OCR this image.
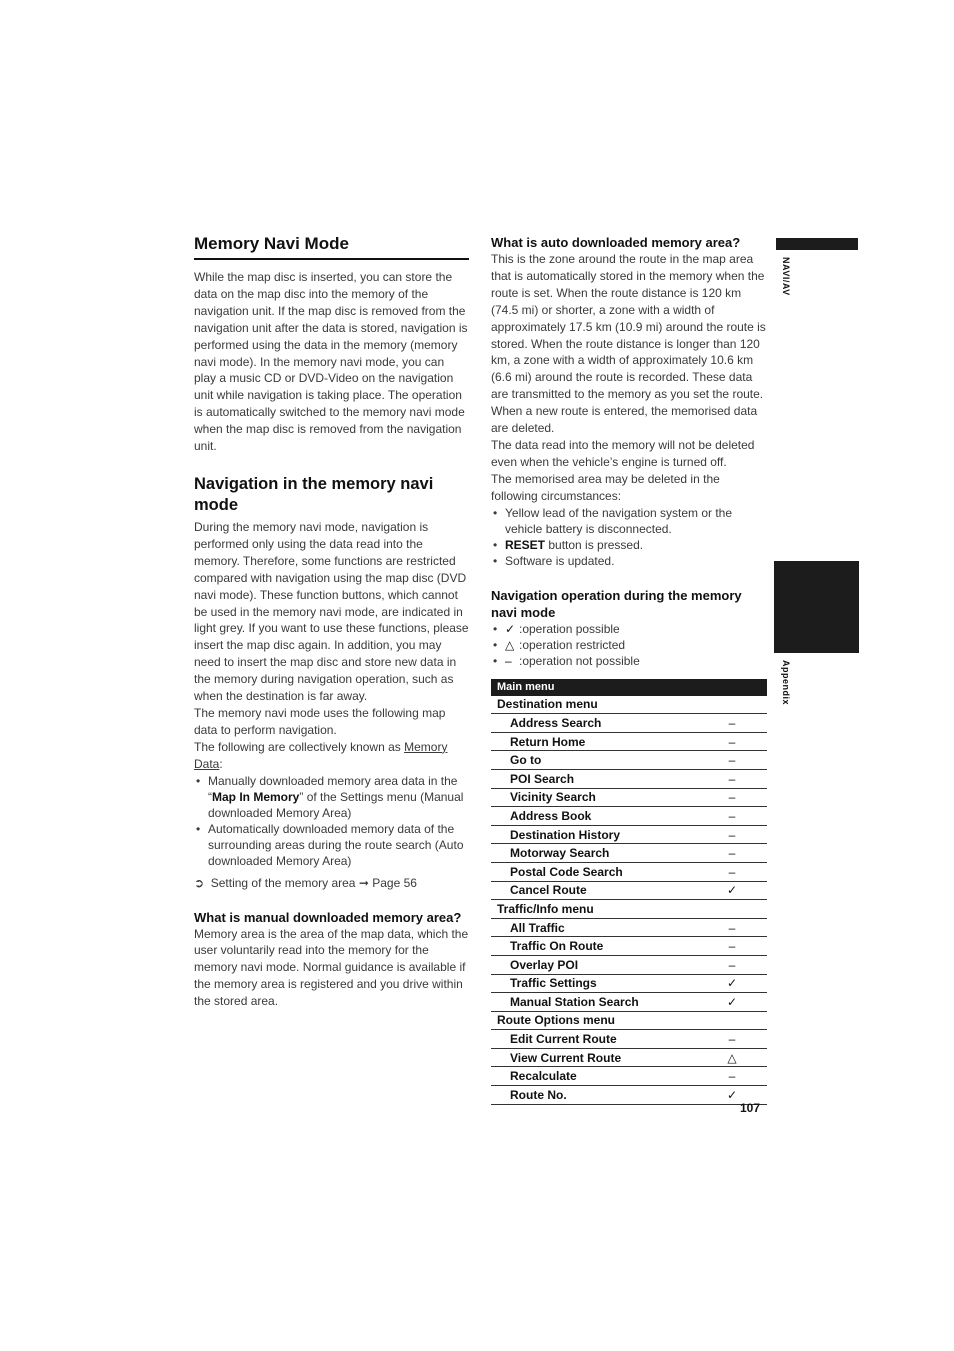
NAVI/AV
Appendix
Memory Navi Mode

While the map disc is inserted, you can store the data on the map disc into the memory of the navigation unit. If the map disc is removed from the navigation unit after the data is stored, navigation is performed using the data in the memory (memory navi mode). In the memory navi mode, you can play a music CD or DVD-Video on the navigation unit while navigation is taking place. The operation is automatically switched to the memory navi mode when the map disc is removed from the navigation unit.

Navigation in the memory navi mode

During the memory navi mode, navigation is performed only using the data read into the memory. Therefore, some functions are restricted compared with navigation using the map disc (DVD navi mode). These function buttons, which cannot be used in the memory navi mode, are indicated in light grey. If you want to use these functions, please insert the map disc again. In addition, you may need to insert the map disc and store new data in the memory during navigation operation, such as when the destination is far away.

The memory navi mode uses the following map data to perform navigation.

The following are collectively known as Memory Data:

• Manually downloaded memory area data in the “Map In Memory” of the Settings menu (Manual downloaded Memory Area)
• Automatically downloaded memory data of the surrounding areas during the route search (Auto downloaded Memory Area)
➲ Setting of the memory area ➞ Page 56
What is manual downloaded memory area?

Memory area is the area of the map data, which the user voluntarily read into the memory for the memory navi mode. Normal guidance is available if the memory area is registered and you drive within the stored area.

What is auto downloaded memory area?

This is the zone around the route in the map area that is automatically stored in the memory when the route is set. When the route distance is 120 km (74.5 mi) or shorter, a zone with a width of approximately 17.5 km (10.9 mi) around the route is stored. When the route distance is longer than 120 km, a zone with a width of approximately 10.6 km (6.6 mi) around the route is recorded. These data are transmitted to the memory as you set the route. When a new route is entered, the memorised data are deleted.

The data read into the memory will not be deleted even when the vehicle’s engine is turned off.

The memorised area may be deleted in the following circumstances:

• Yellow lead of the navigation system or the vehicle battery is disconnected.
• RESET button is pressed.
• Software is updated.
Navigation operation during the memory navi mode
• ✓ :operation possible
• △ :operation restricted
• – :operation not possible
Main menu	
Destination menu	
Address Search	–
Return Home	–
Go to	–
POI Search	–
Vicinity Search	–
Address Book	–
Destination History	–
Motorway Search	–
Postal Code Search	–
Cancel Route	✓
Traffic/Info menu	
All Traffic	–
Traffic On Route	–
Overlay POI	–
Traffic Settings	✓
Manual Station Search	✓
Route Options menu	
Edit Current Route	–
View Current Route	△
Recalculate	–
Route No.	✓
107
